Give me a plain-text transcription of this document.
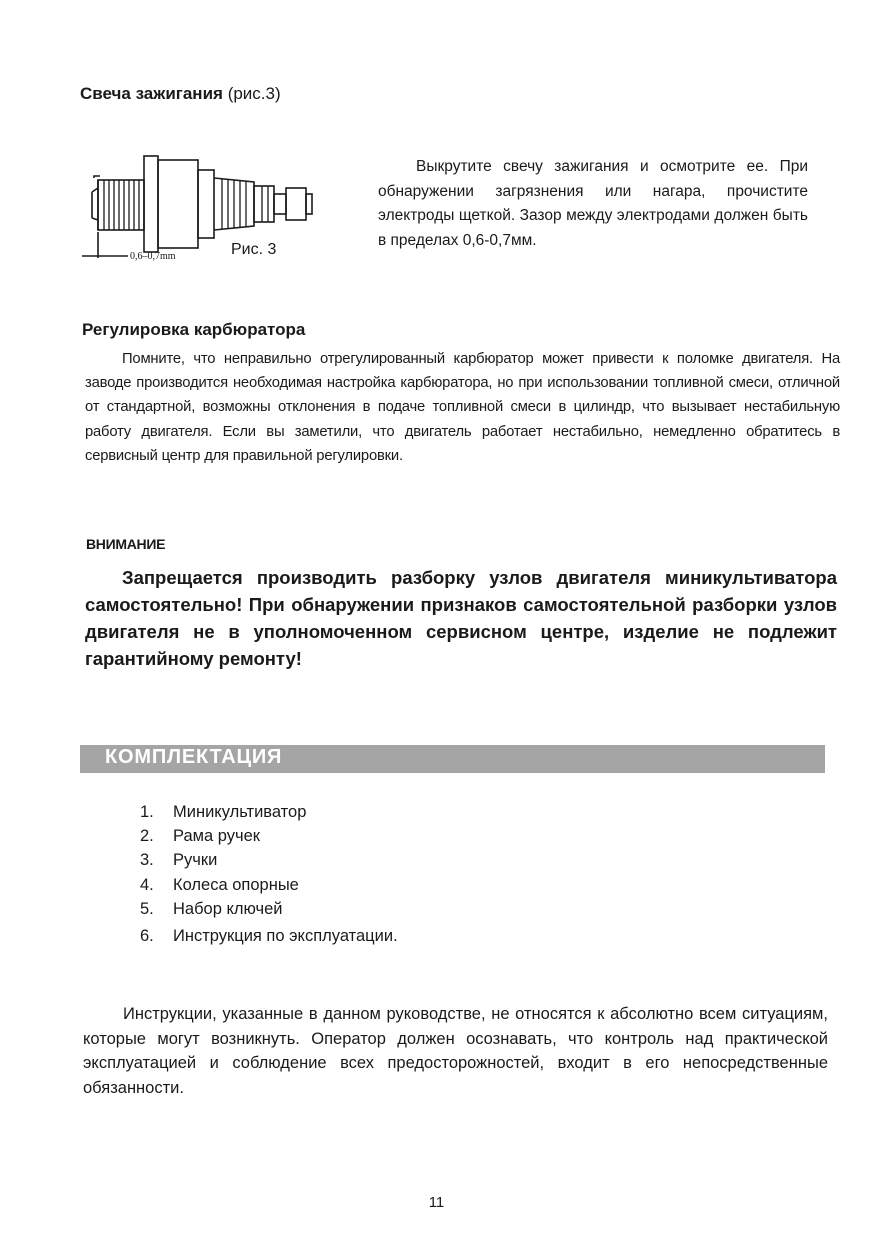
Свеча зажигания (рис.3)
0,6–0,7mm	Рис. 3
Выкрутите свечу зажигания и осмотрите ее. При обнаружении загрязнения или нагара, прочистите электроды щеткой. Зазор между электродами должен быть в пределах 0,6-0,7мм.
Регулировка карбюратора
Помните, что неправильно отрегулированный карбюратор может привести к поломке двигателя. На заводе производится необходимая настройка карбюратора, но при использовании топливной смеси, отличной от стандартной, возможны отклонения в подаче топливной смеси в цилиндр, что вызывает нестабильную работу двигателя. Если вы заметили, что двигатель работает нестабильно, немедленно обратитесь в сервисный центр для правильной регулировки.
ВНИМАНИЕ
Запрещается производить разборку узлов двигателя миникультиватора самостоятельно! При обнаружении признаков самостоятельной разборки узлов двигателя не в уполномоченном сервисном центре, изделие не подлежит гарантийному ремонту!
КОМПЛЕКТАЦИЯ
1. Миникультиватор
2. Рама ручек
3. Ручки
4. Колеса опорные
5. Набор ключей
6. Инструкция по эксплуатации.
Инструкции, указанные в данном руководстве, не относятся к абсолютно всем ситуациям, которые могут возникнуть. Оператор должен осознавать, что контроль над практической эксплуатацией и соблюдение всех предосторожностей, входит в его непосредственные обязанности.
11
